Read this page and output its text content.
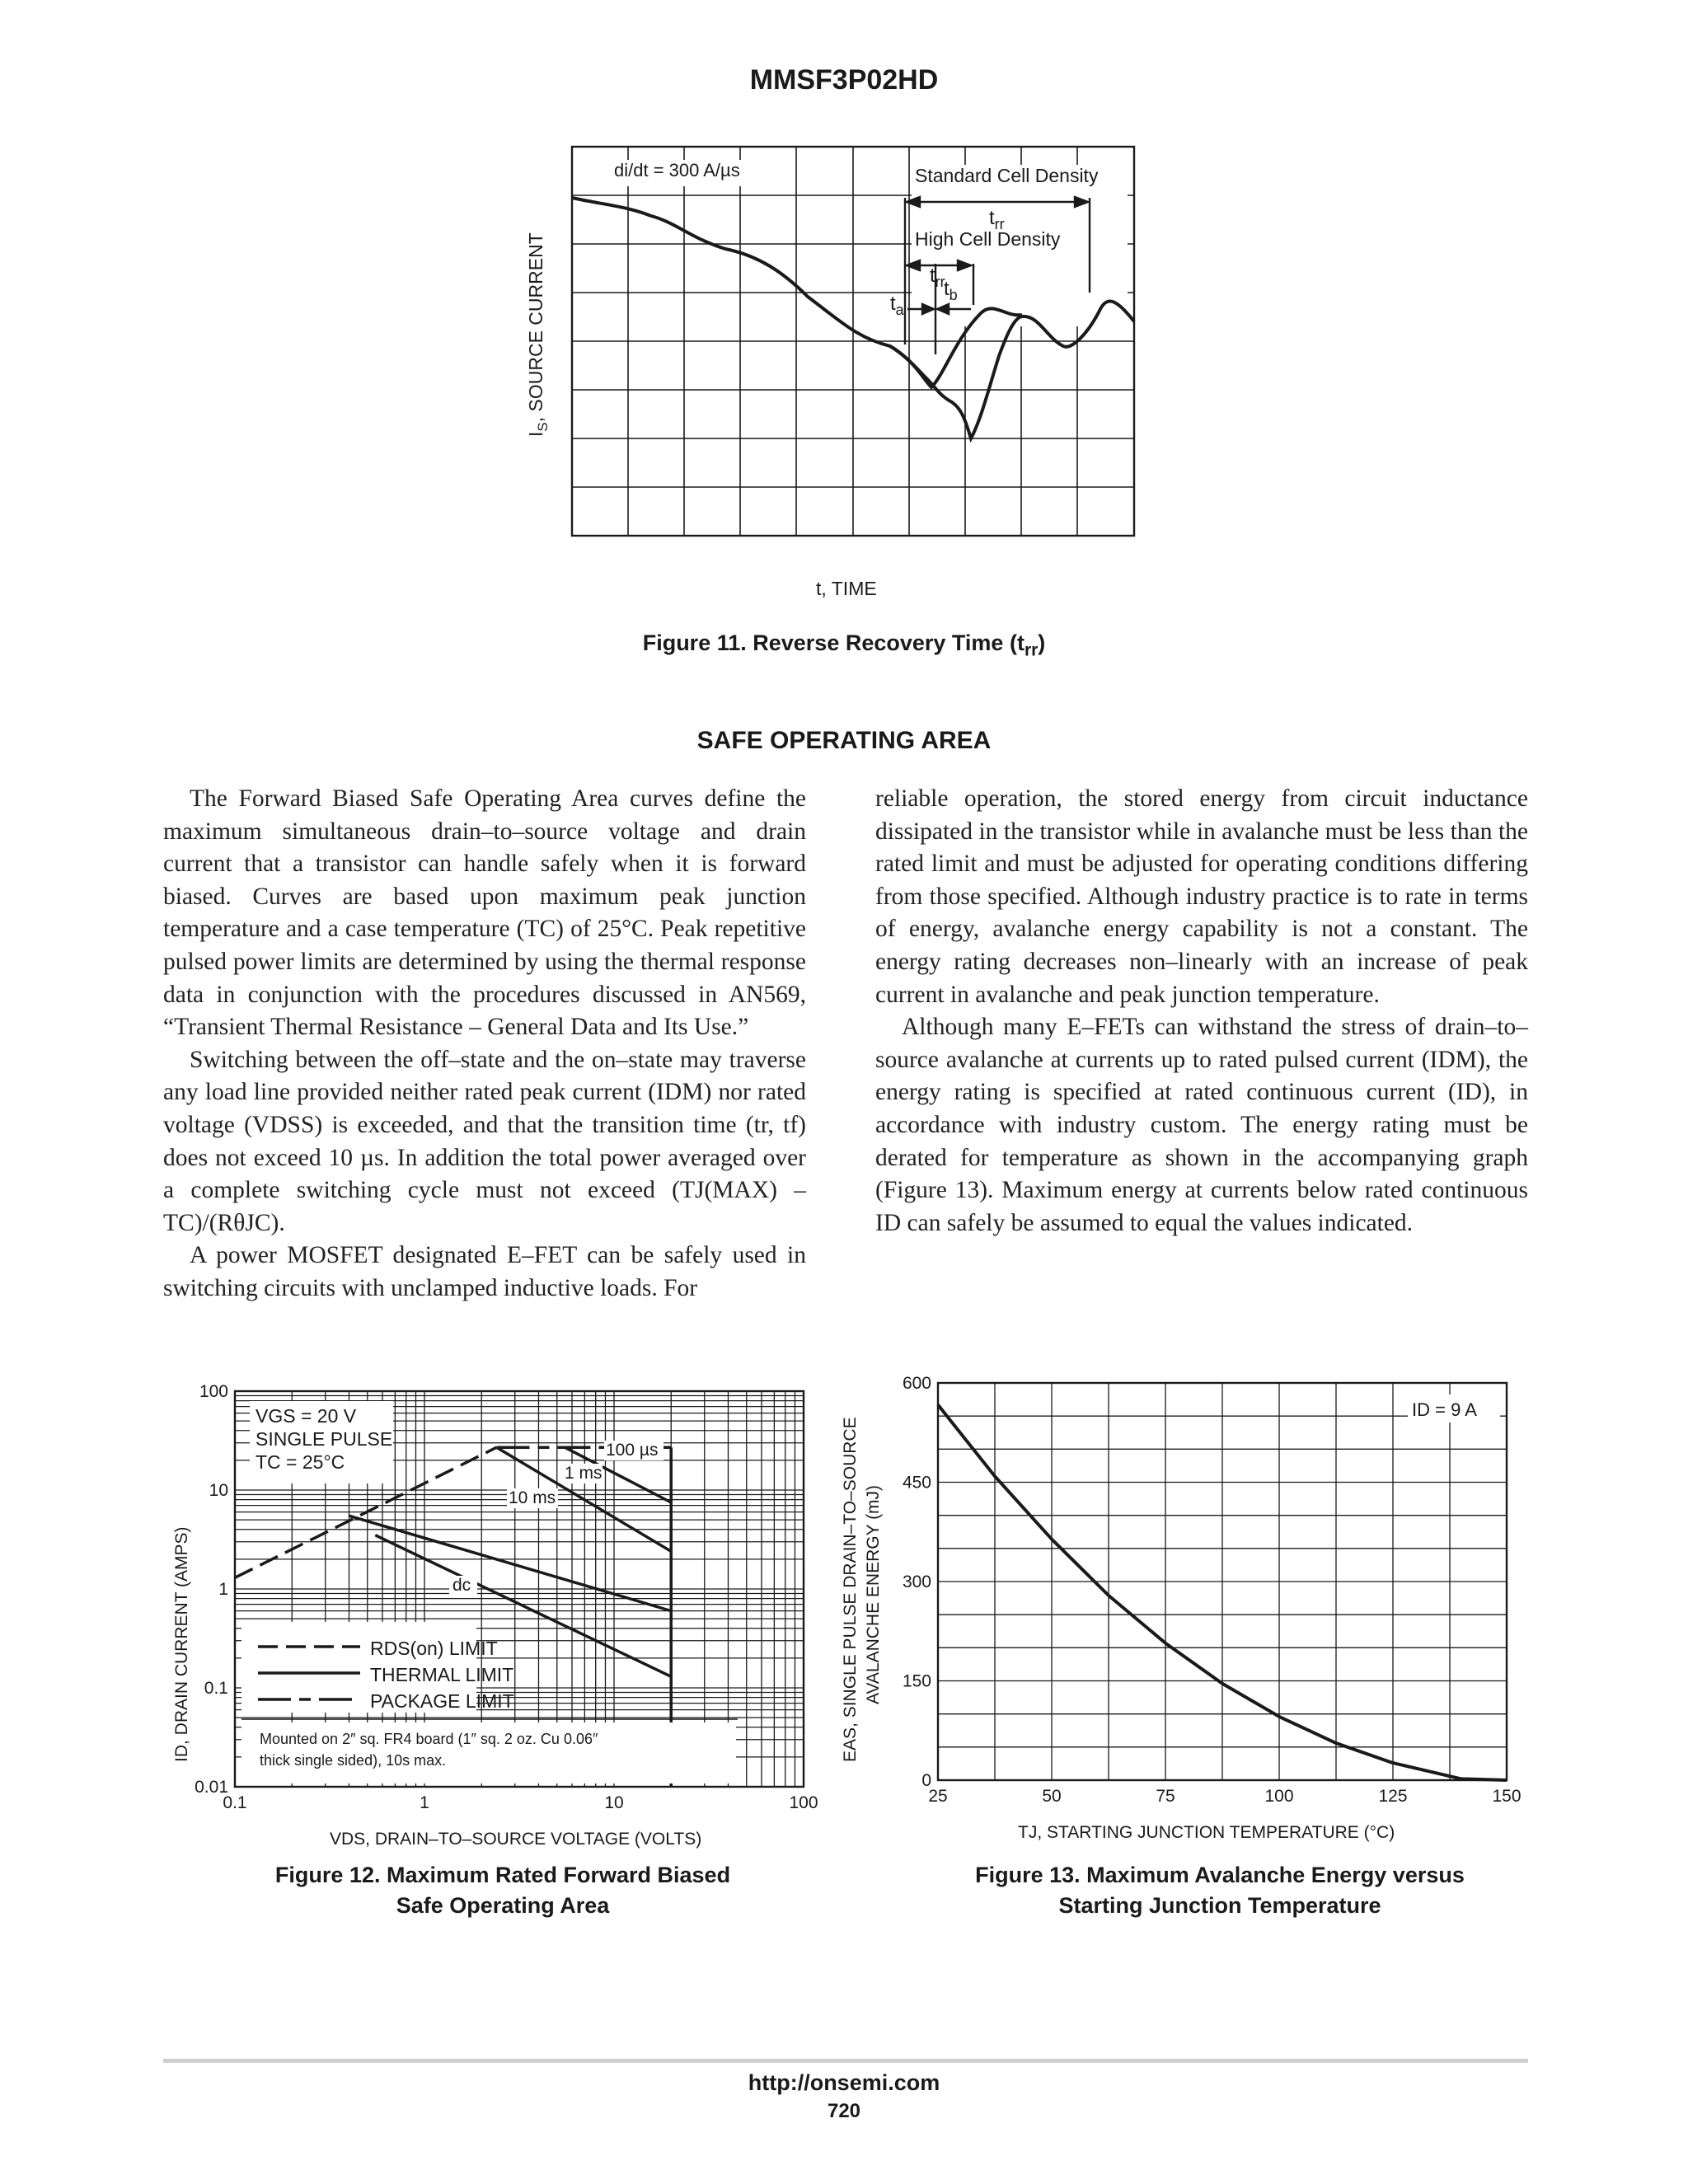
MMSF3P02HD
di/dt = 300 A/µs	Standard Cell Density
$t_{rr}$
High Cell Density
$t_{rr}$
$t_b$
$t_a$
$I_S$, SOURCE CURRENT
t, TIME
Figure 11. Reverse Recovery Time $(t_{rr})$
SAFE OPERATING AREA

The Forward Biased Safe Operating Area curves define the maximum simultaneous drain–to–source voltage and drain current that a transistor can handle safely when it is forward biased. Curves are based upon maximum peak junction temperature and a case temperature (TC) of 25°C. Peak repetitive pulsed power limits are determined by using the thermal response data in conjunction with the procedures discussed in AN569, “Transient Thermal Resistance – General Data and Its Use.”

Switching between the off–state and the on–state may traverse any load line provided neither rated peak current (IDM) nor rated voltage (VDSS) is exceeded, and that the transition time (tr, tf) does not exceed 10 µs. In addition the total power averaged over a complete switching cycle must not exceed (TJ(MAX) – TC)/(RθJC).

A power MOSFET designated E–FET can be safely used in switching circuits with unclamped inductive loads. For

reliable operation, the stored energy from circuit inductance dissipated in the transistor while in avalanche must be less than the rated limit and must be adjusted for operating conditions differing from those specified. Although industry practice is to rate in terms of energy, avalanche energy capability is not a constant. The energy rating decreases non–linearly with an increase of peak current in avalanche and peak junction temperature.

Although many E–FETs can withstand the stress of drain–to–source avalanche at currents up to rated pulsed current (IDM), the energy rating is specified at rated continuous current (ID), in accordance with industry custom. The energy rating must be derated for temperature as shown in the accompanying graph (Figure 13). Maximum energy at currents below rated continuous ID can safely be assumed to equal the values indicated.

VGS = 20 V
SINGLE PULSE
TC = 25°C
RDS(on) LIMIT
THERMAL LIMIT
PACKAGE LIMIT
Mounted on 2″ sq. FR4 board (1″ sq. 2 oz. Cu 0.06″
thick single sided), 10s max.
100 µs
1 ms
10 ms
dc
0.1	1	10	100
0.01
0.1
1
10
100
ID, DRAIN CURRENT (AMPS)
VDS, DRAIN–TO–SOURCE VOLTAGE (VOLTS)
Figure 12. Maximum Rated Forward Biased
Safe Operating Area
ID = 9 A
25	50	75	100	125	150
0
150
300
450
600
EAS, SINGLE PULSE DRAIN–TO–SOURCE AVALANCHE ENERGY (mJ)
TJ, STARTING JUNCTION TEMPERATURE (°C)
Figure 13. Maximum Avalanche Energy versus
Starting Junction Temperature
http://onsemi.com
720
